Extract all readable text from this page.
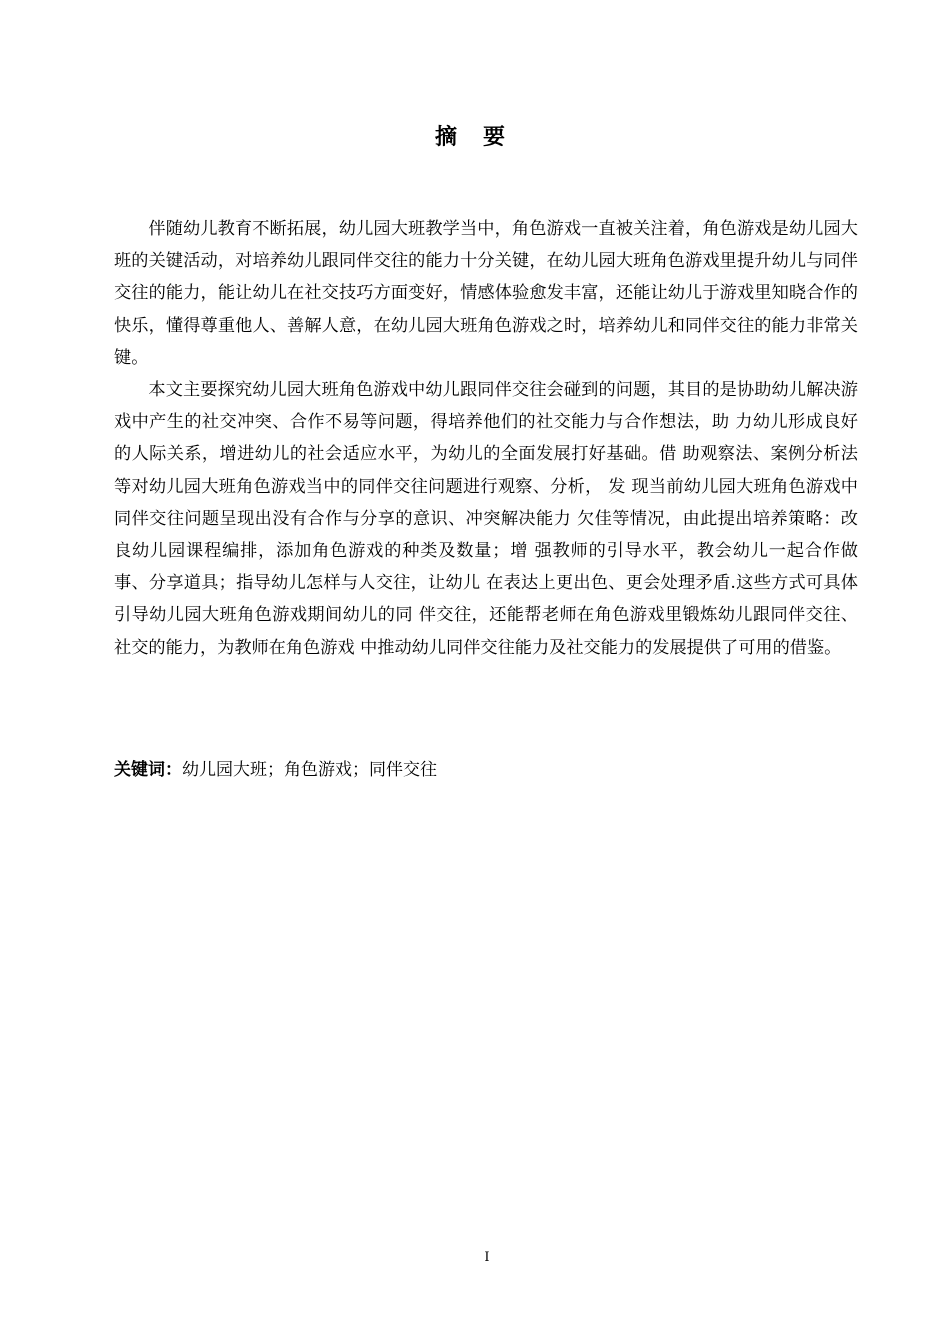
摘要

伴随幼儿教育不断拓展，幼儿园大班教学当中，角色游戏一直被关注着，角色游戏是幼儿园大班的关键活动，对培养幼儿跟同伴交往的能力十分关键，在幼儿园大班角色游戏里提升幼儿与同伴交往的能力，能让幼儿在社交技巧方面变好，情感体验愈发丰富，还能让幼儿于游戏里知晓合作的快乐，懂得尊重他人、善解人意，在幼儿园大班角色游戏之时，培养幼儿和同伴交往的能力非常关键。

本文主要探究幼儿园大班角色游戏中幼儿跟同伴交往会碰到的问题，其目的是协助幼儿解决游戏中产生的社交冲突、合作不易等问题，得培养他们的社交能力与合作想法，助 力幼儿形成良好的人际关系，增进幼儿的社会适应水平，为幼儿的全面发展打好基础。借 助观察法、案例分析法等对幼儿园大班角色游戏当中的同伴交往问题进行观察、分析， 发 现当前幼儿园大班角色游戏中同伴交往问题呈现出没有合作与分享的意识、冲突解决能力 欠佳等情况，由此提出培养策略：改良幼儿园课程编排，添加角色游戏的种类及数量；增 强教师的引导水平，教会幼儿一起合作做事、分享道具；指导幼儿怎样与人交往，让幼儿 在表达上更出色、更会处理矛盾.这些方式可具体引导幼儿园大班角色游戏期间幼儿的同 伴交往，还能帮老师在角色游戏里锻炼幼儿跟同伴交往、社交的能力，为教师在角色游戏 中推动幼儿同伴交往能力及社交能力的发展提供了可用的借鉴。

关键词：幼儿园大班；角色游戏；同伴交往
I
